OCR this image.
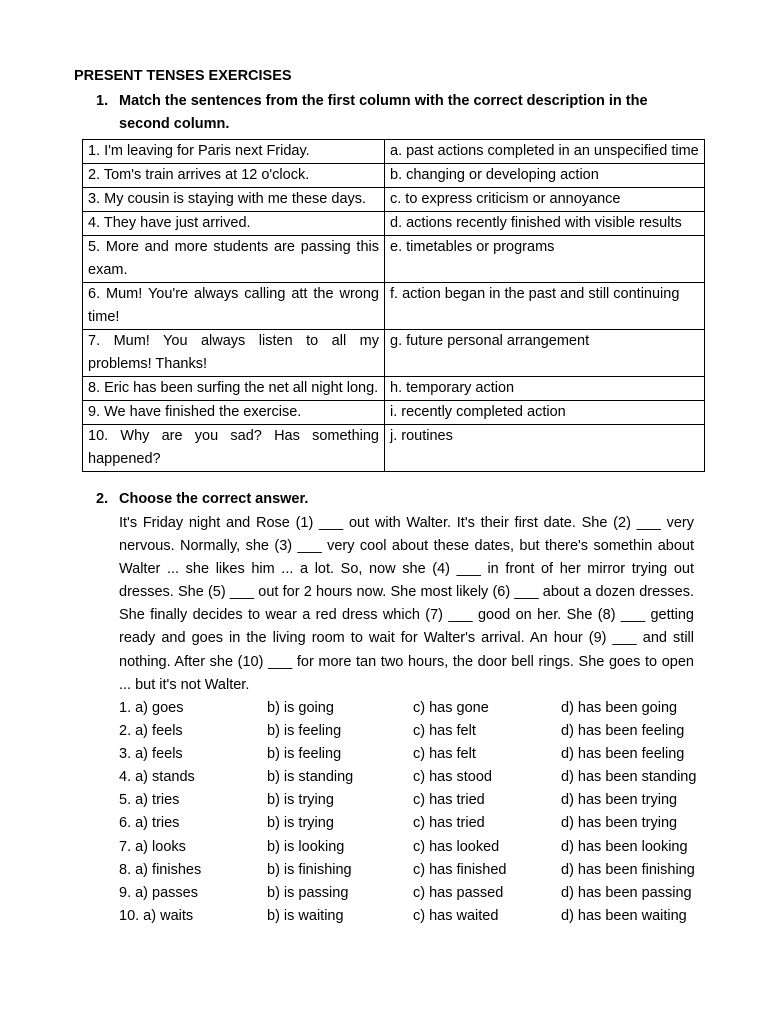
PRESENT TENSES EXERCISES
1. Match the sentences from the first column with the correct description in the second column.
1. I'm leaving for Paris next Friday.	a. past actions completed in an unspecified time
2. Tom's train arrives at 12 o'clock.	b. changing or developing action
3. My cousin is staying with me these days.	c. to express criticism or annoyance
4. They have just arrived.	d. actions recently finished with visible results
5. More and more students are passing this exam.	e. timetables or programs
6. Mum! You're always calling att the wrong time!	f. action began in the past and still continuing
7. Mum! You always listen to all my problems! Thanks!	g. future personal arrangement
8. Eric has been surfing the net all night long.	h. temporary action
9. We have finished the exercise.	i. recently completed action
10. Why are you sad? Has something happened?	j. routines
2. Choose the correct answer.
It's Friday night and Rose (1) ___ out with Walter. It's their first date. She (2) ___ very nervous. Normally, she (3) ___ very cool about these dates, but there's somethin about Walter ... she likes him ... a lot. So, now she (4) ___ in front of her mirror trying out dresses. She (5) ___ out for 2 hours now. She most likely (6) ___ about a dozen dresses. She finally decides to wear a red dress which (7) ___ good on her. She (8) ___ getting ready and goes in the living room to wait for Walter's arrival. An hour (9) ___ and still nothing. After she (10) ___ for more tan two hours, the door bell rings. She goes to open ... but it's not Walter.
1. a) goes	b) is going	c) has gone	d) has been going
2. a) feels	b) is feeling	c) has felt	d) has been feeling
3. a) feels	b) is feeling	c) has felt	d) has been feeling
4. a) stands	b) is standing	c) has stood	d) has been standing
5. a) tries	b) is trying	c) has tried	d) has been trying
6. a) tries	b) is trying	c) has tried	d) has been trying
7. a) looks	b) is looking	c) has looked	d) has been looking
8. a) finishes	b) is finishing	c) has finished	d) has been finishing
9. a) passes	b) is passing	c) has passed	d) has been passing
10. a) waits	b) is waiting	c) has waited	d) has been waiting
